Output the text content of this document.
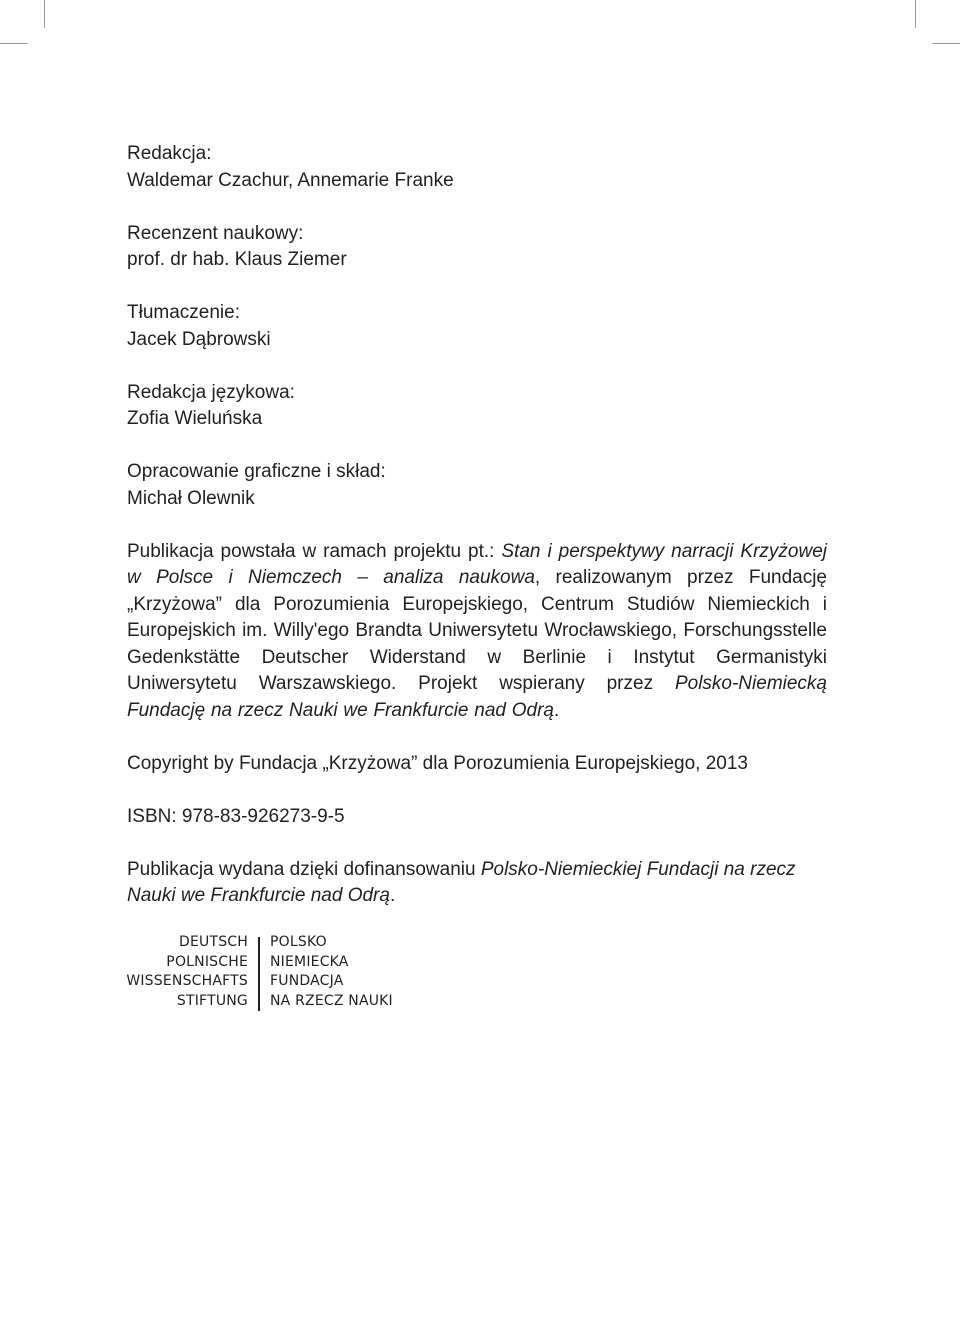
Redakcja:

Waldemar Czachur, Annemarie Franke

Recenzent naukowy:

prof. dr hab. Klaus Ziemer

Tłumaczenie:

Jacek Dąbrowski

Redakcja językowa:

Zofia Wieluńska

Opracowanie graficzne i skład:

Michał Olewnik

Publikacja powstała w ramach projektu pt.: Stan i perspektywy narracji Krzyżowej w Polsce i Niemczech – analiza naukowa, realizowanym przez Fundację „Krzyżowa” dla Porozumienia Europejskiego, Centrum Studiów Niemieckich i Europejskich im. Willy'ego Brandta Uniwersytetu Wrocławskiego, Forschungsstelle Gedenkstätte Deutscher Widerstand w Berlinie i Instytut Germanistyki Uniwersytetu Warszawskiego. Projekt wspierany przez Polsko-Niemiecką Fundację na rzecz Nauki we Frankfurcie nad Odrą.

Copyright by Fundacja „Krzyżowa” dla Porozumienia Europejskiego, 2013

ISBN: 978-83-926273-9-5

Publikacja wydana dzięki dofinansowaniu Polsko-Niemieckiej Fundacji na rzecz Nauki we Frankfurcie nad Odrą.

DEUTSCH
POLNISCHE
WISSENSCHAFTS
STIFTUNG
POLSKO
NIEMIECKA
FUNDACJA
NA RZECZ NAUKI
